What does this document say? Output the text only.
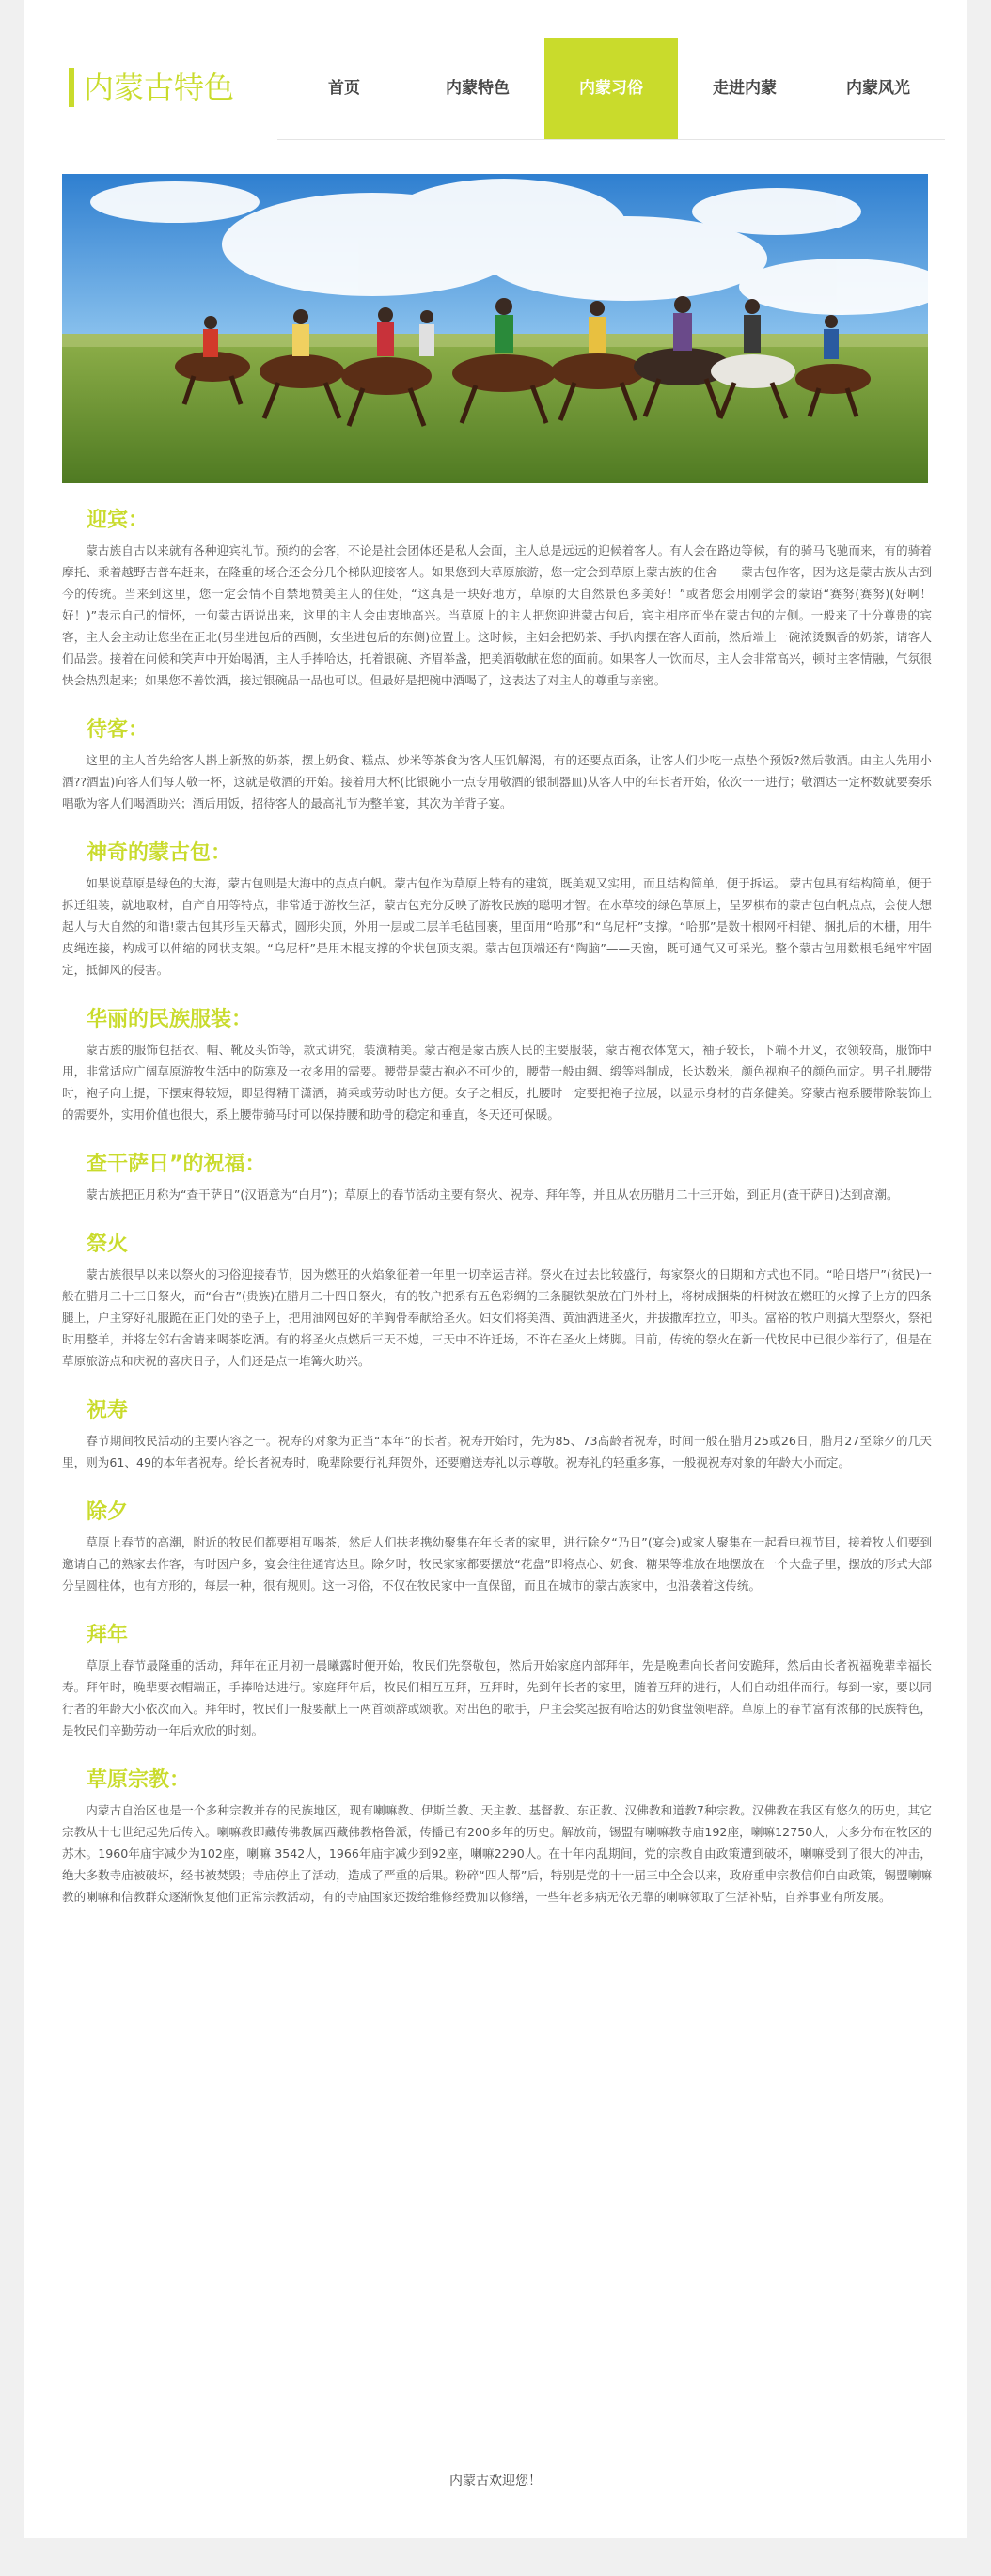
内蒙古特色	首页	内蒙特色	内蒙习俗	走进内蒙	内蒙风光
迎宾：
蒙古族自古以来就有各种迎宾礼节。预约的会客，不论是社会团体还是私人会面，主人总是远远的迎候着客人。有人会在路边等候，有的骑马飞驰而来，有的骑着摩托、乘着越野吉普车赶来，在隆重的场合还会分几个梯队迎接客人。如果您到大草原旅游，您一定会到草原上蒙古族的住舍——蒙古包作客，因为这是蒙古族从古到今的传统。当来到这里，您一定会情不自禁地赞美主人的住处，“这真是一块好地方，草原的大自然景色多美好！”或者您会用刚学会的蒙语“赛努(赛努)(好啊！好！)”表示自己的情怀，一句蒙古语说出来，这里的主人会由衷地高兴。当草原上的主人把您迎进蒙古包后，宾主相序而坐在蒙古包的左侧。一般来了十分尊贵的宾客，主人会主动让您坐在正北(男坐进包后的西侧，女坐进包后的东侧)位置上。这时候，主妇会把奶茶、手扒肉摆在客人面前，然后端上一碗浓烫飘香的奶茶，请客人们品尝。接着在问候和笑声中开始喝酒，主人手捧哈达，托着银碗、齐眉举盏，把美酒敬献在您的面前。如果客人一饮而尽，主人会非常高兴，顿时主客情融，气氛很快会热烈起来；如果您不善饮酒，接过银碗品一品也可以。但最好是把碗中酒喝了，这表达了对主人的尊重与亲密。
待客：
这里的主人首先给客人斟上新熬的奶茶，摆上奶食、糕点、炒米等茶食为客人压饥解渴，有的还要点面条，让客人们少吃一点垫个预饭?然后敬酒。由主人先用小酒??酒盅)向客人们每人敬一杯，这就是敬酒的开始。接着用大杯(比银碗小一点专用敬酒的银制器皿)从客人中的年长者开始，依次一一进行；敬酒达一定杯数就要奏乐唱歌为客人们喝酒助兴；酒后用饭，招待客人的最高礼节为整羊宴，其次为羊背子宴。
神奇的蒙古包：
如果说草原是绿色的大海，蒙古包则是大海中的点点白帆。蒙古包作为草原上特有的建筑，既美观又实用，而且结构简单，便于拆运。 蒙古包具有结构简单，便于拆迁组装，就地取材，自产自用等特点，非常适于游牧生活，蒙古包充分反映了游牧民族的聪明才智。在水草较的绿色草原上，呈罗棋布的蒙古包白帆点点，会使人想起人与大自然的和谐!蒙古包其形呈天幕式，圆形尖顶，外用一层或二层羊毛毡围裹，里面用“哈那”和“乌尼杆”支撑。“哈那”是数十根网杆相错、捆扎后的木栅，用牛皮绳连接，构成可以伸缩的网状支架。“乌尼杆”是用木棍支撑的伞状包顶支架。蒙古包顶端还有“陶脑”——天窗，既可通气又可采光。整个蒙古包用数根毛绳牢牢固定，抵御风的侵害。
华丽的民族服装：
蒙古族的服饰包括衣、帽、靴及头饰等，款式讲究，装潢精美。蒙古袍是蒙古族人民的主要服装，蒙古袍衣体宽大，袖子较长，下端不开叉，衣领较高，服饰中用，非常适应广阔草原游牧生活中的防寒及一衣多用的需要。腰带是蒙古袍必不可少的，腰带一般由绸、缎等料制成，长达数米，颜色视袍子的颜色而定。男子扎腰带时，袍子向上提，下摆束得较短，即显得精干潇洒，骑乘或劳动时也方便。女子之相反，扎腰时一定要把袍子拉展，以显示身材的苗条健美。穿蒙古袍系腰带除装饰上的需要外，实用价值也很大，系上腰带骑马时可以保持腰和助骨的稳定和垂直，冬天还可保暖。
查干萨日”的祝福：
蒙古族把正月称为“查干萨日”(汉语意为“白月”)；草原上的春节活动主要有祭火、祝寿、拜年等，并且从农历腊月二十三开始，到正月(查干萨日)达到高潮。
祭火
蒙古族很早以来以祭火的习俗迎接春节，因为燃旺的火焰象征着一年里一切幸运吉祥。祭火在过去比较盛行，每家祭火的日期和方式也不同。“哈日塔尸”(贫民)一般在腊月二十三日祭火，而“台吉”(贵族)在腊月二十四日祭火，有的牧户把系有五色彩绸的三条腿铁架放在门外村上，将树成捆柴的杆树放在燃旺的火撑子上方的四条腿上，户主穿好礼服跪在正门处的垫子上，把用油网包好的羊胸骨奉献给圣火。妇女们将美酒、黄油洒进圣火，并拔撒库拉立，叩头。富裕的牧户则搞大型祭火，祭祀时用整羊，并将左邻右舍请来喝茶吃酒。有的将圣火点燃后三天不熄，三天中不许迁场，不许在圣火上烤脚。目前，传统的祭火在新一代牧民中已很少举行了，但是在草原旅游点和庆祝的喜庆日子，人们还是点一堆篝火助兴。
祝寿
春节期间牧民活动的主要内容之一。祝寿的对象为正当“本年”的长者。祝寿开始时，先为85、73高龄者祝寿，时间一般在腊月25或26日，腊月27至除夕的几天里，则为61、49的本年者祝寿。给长者祝寿时，晚辈除要行礼拜贺外，还要赠送寿礼以示尊敬。祝寿礼的轻重多寡，一般视祝寿对象的年龄大小而定。
除夕
草原上春节的高潮，附近的牧民们都要相互喝茶，然后人们扶老携幼聚集在年长者的家里，进行除夕“乃日”(宴会)或家人聚集在一起看电视节目，接着牧人们要到邀请自己的熟家去作客，有时因户多，宴会往往通宵达旦。除夕时，牧民家家都要摆放“花盘”即将点心、奶食、糖果等堆放在地摆放在一个大盘子里，摆放的形式大部分呈圆柱体，也有方形的，每层一种，很有规则。这一习俗，不仅在牧民家中一直保留，而且在城市的蒙古族家中，也沿袭着这传统。
拜年
草原上春节最隆重的活动，拜年在正月初一晨曦露时便开始，牧民们先祭敬包，然后开始家庭内部拜年，先是晚辈向长者问安跪拜，然后由长者祝福晚辈幸福长寿。拜年时，晚辈要衣帽端正，手捧哈达进行。家庭拜年后，牧民们相互互拜，互拜时，先到年长者的家里，随着互拜的进行，人们自动组伴而行。每到一家，要以同行者的年龄大小依次而入。拜年时，牧民们一般要献上一两首颂辞或颂歌。对出色的歌手，户主会奖起披有哈达的奶食盘领唱辞。草原上的春节富有浓郁的民族特色，是牧民们辛勤劳动一年后欢欣的时刻。
草原宗教：
内蒙古自治区也是一个多种宗教并存的民族地区，现有喇嘛教、伊斯兰教、天主教、基督教、东正教、汉佛教和道教7种宗教。汉佛教在我区有悠久的历史，其它宗教从十七世纪起先后传入。喇嘛教即藏传佛教属西藏佛教格鲁派，传播已有200多年的历史。解放前，锡盟有喇嘛教寺庙192座，喇嘛12750人，大多分布在牧区的苏木。1960年庙宇减少为102座，喇嘛 3542人，1966年庙宇减少到92座，喇嘛2290人。在十年内乱期间，党的宗教自由政策遭到破坏，喇嘛受到了很大的冲击，绝大多数寺庙被破坏，经书被焚毁；寺庙停止了活动，造成了严重的后果。粉碎“四人帮”后，特别是党的十一届三中全会以来，政府重申宗教信仰自由政策，锡盟喇嘛教的喇嘛和信教群众逐渐恢复他们正常宗教活动，有的寺庙国家还拨给维修经费加以修缮，一些年老多病无依无靠的喇嘛领取了生活补贴，自养事业有所发展。
内蒙古欢迎您！
